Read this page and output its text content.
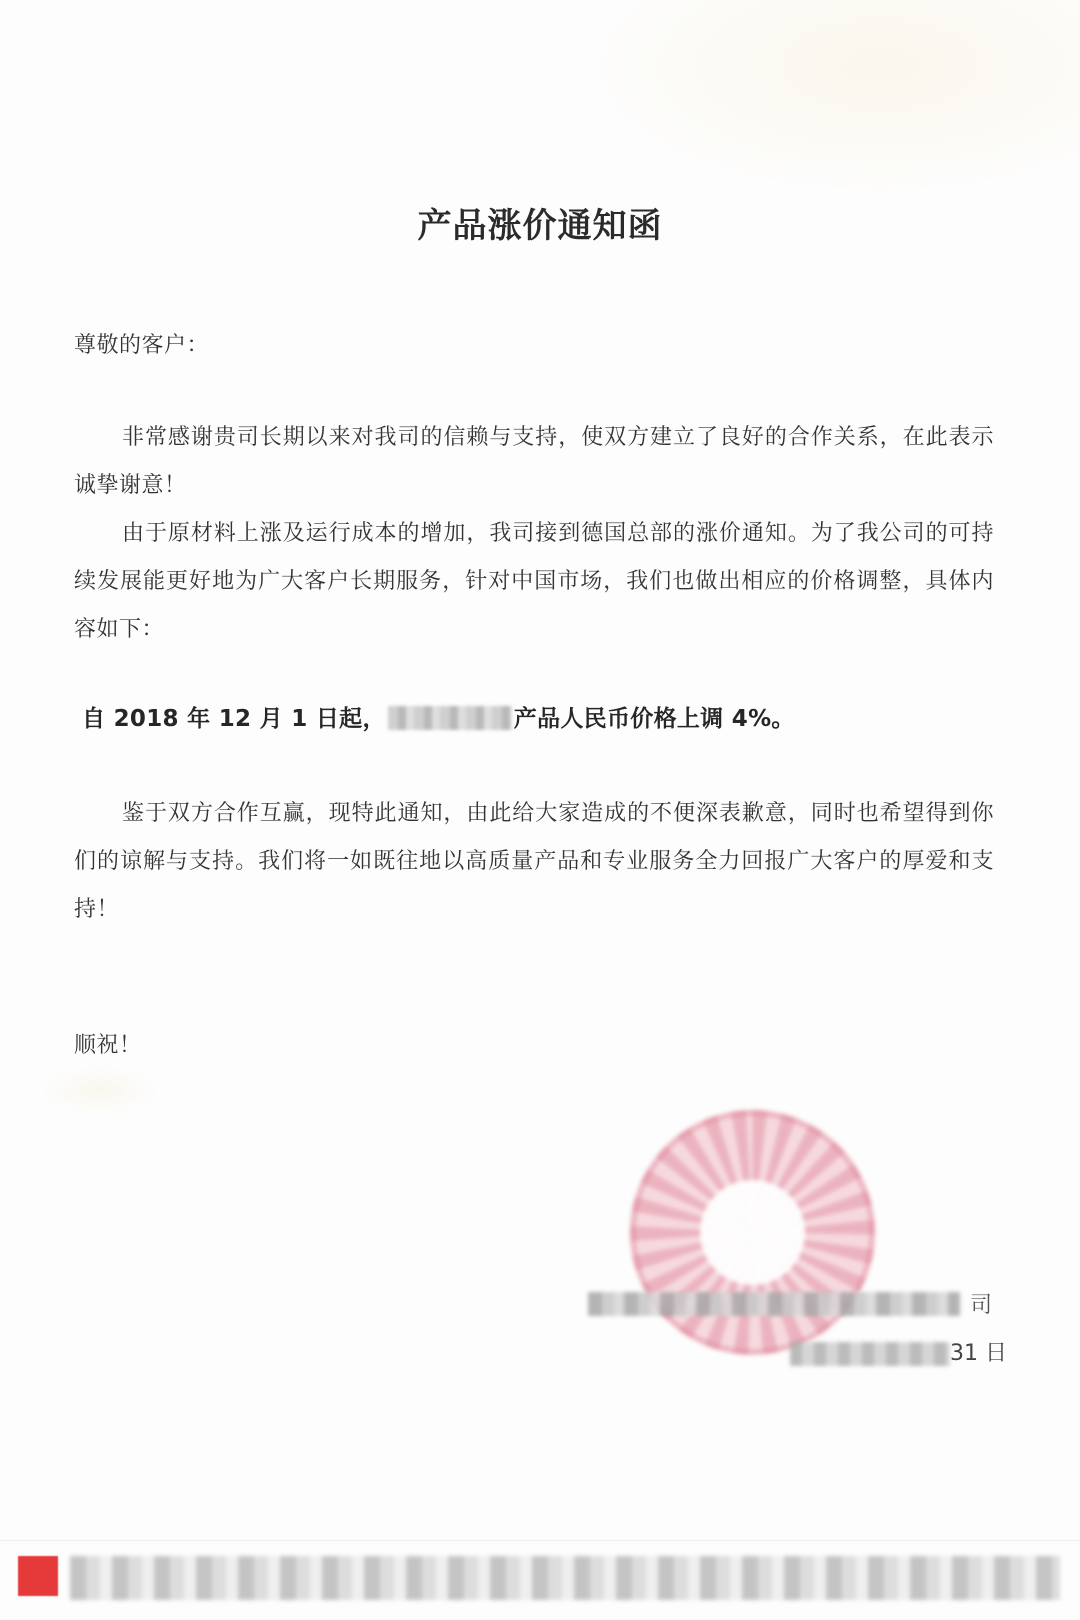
产品涨价通知函
尊敬的客户：
非常感谢贵司长期以来对我司的信赖与支持，使双方建立了良好的合作关系，在此表示诚挚谢意！
由于原材料上涨及运行成本的增加，我司接到德国总部的涨价通知。为了我公司的可持续发展能更好地为广大客户长期服务，针对中国市场，我们也做出相应的价格调整，具体内容如下：
自 2018 年 12 月 1 日起，	产品人民币价格上调 4%。
鉴于双方合作互赢，现特此通知，由此给大家造成的不便深表歉意，同时也希望得到你们的谅解与支持。我们将一如既往地以高质量产品和专业服务全力回报广大客户的厚爱和支持！
顺祝！
司
31 日
